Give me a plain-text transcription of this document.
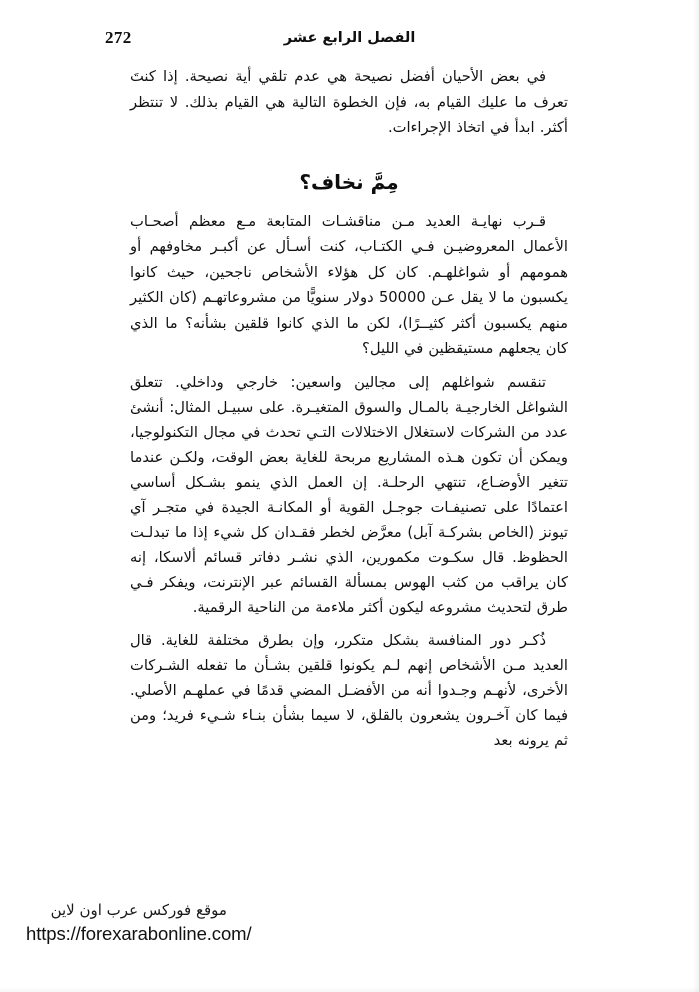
272	الفصل الرابع عشر

في بعض الأحيان أفضل نصيحة هي عدم تلقي أية نصيحة. إذا كنتَ تعرف ما عليك القيام به، فإن الخطوة التالية هي القيام بذلك. لا تنتظر أكثر. ابدأ في اتخاذ الإجراءات.

مِمَّ نخاف؟

قـرب نهايـة العديد مـن مناقشـات المتابعة مـع معظم أصحـاب الأعمال المعروضيـن فـي الكتـاب، كنت أسـأل عن أكبـر مخاوفهم أو همومهم أو شواغلهـم. كان كل هؤلاء الأشخاص ناجحين، حيث كانوا يكسبون ما لا يقل عـن 50000 دولار سنويًّا من مشروعاتهـم (كان الكثير منهم يكسبون أكثر كثيــرًا)، لكن ما الذي كانوا قلقين بشأنه؟ ما الذي كان يجعلهم مستيقظين في الليل؟

تنقسم شواغلهم إلى مجالين واسعين: خارجي وداخلي. تتعلق الشواغل الخارجيـة بالمـال والسوق المتغيـرة. على سبيـل المثال: أنشئ عدد من الشركات لاستغلال الاختلالات التـي تحدث في مجال التكنولوجيا، ويمكن أن تكون هـذه المشاريع مربحة للغاية بعض الوقت، ولكـن عندما تتغير الأوضـاع، تنتهي الرحلـة. إن العمل الذي ينمو بشـكل أساسي اعتمادًا على تصنيفـات جوجـل القوية أو المكانـة الجيدة في متجـر آي تيونز (الخاص بشركـة آبل) معرَّض لخطر فقـدان كل شيء إذا ما تبدلـت الحظوظ. قال سكـوت مكمورين، الذي نشـر دفاتر قسائم ألاسكا، إنه كان يراقب من كثب الهوس بمسألة القسائم عبر الإنترنت، ويفكر فـي طرق لتحديث مشروعه ليكون أكثر ملاءمة من الناحية الرقمية.

ذُكـر دور المنافسة بشكل متكرر، وإن بطرق مختلفة للغاية. قال العديد مـن الأشخاص إنهم لـم يكونوا قلقين بشـأن ما تفعله الشـركات الأخرى، لأنهـم وجـدوا أنه من الأفضـل المضي قدمًا في عملهـم الأصلي. فيما كان آخـرون يشعرون بالقلق، لا سيما بشأن بنـاء شـيء فريد؛ ومن ثم يرونه بعد

موقع فوركس عرب اون لاين
https://forexarabonline.com/
